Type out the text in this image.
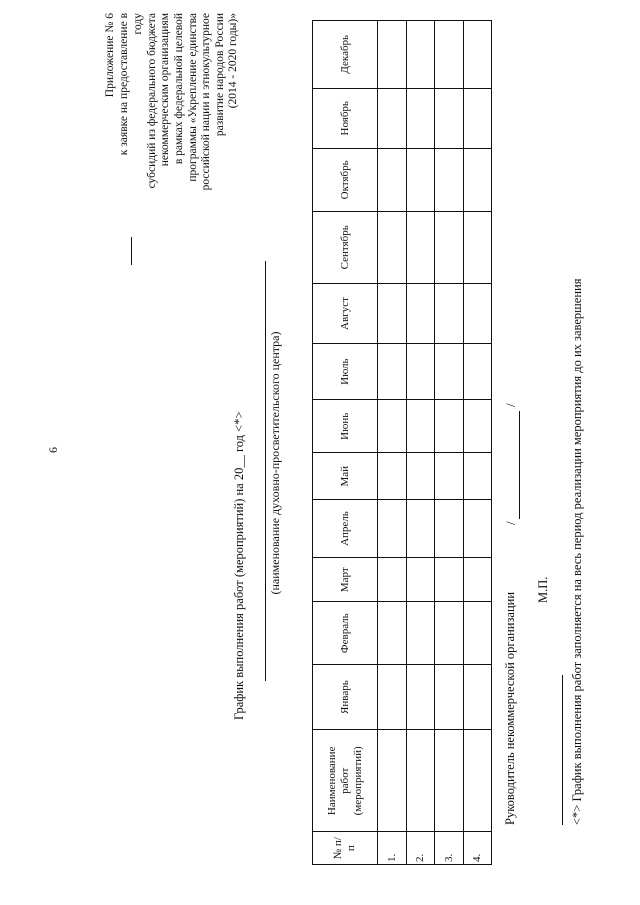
6
Приложение № 6 к заявке на предоставление в году субсидий из федерального бюджета некоммерческим организациям в рамках федеральной целевой программы «Укрепление единства российской нации и этнокультурное развитие народов России (2014 - 2020 годы)»
График выполнения работ (мероприятий) на 20__ год <*> (наименование духовно-просветительского центра)
№ п/п	Наименование работ (мероприятий)	Январь	Февраль	Март	Апрель	Май	Июнь	Июль	Август	Сентябрь	Октябрь	Ноябрь	Декабрь
1.													
2.													
3.													
4.													
Руководитель некоммерческой организации
/
/
М.П. <*> График выполнения работ заполняется на весь период реализации мероприятия до их завершения
